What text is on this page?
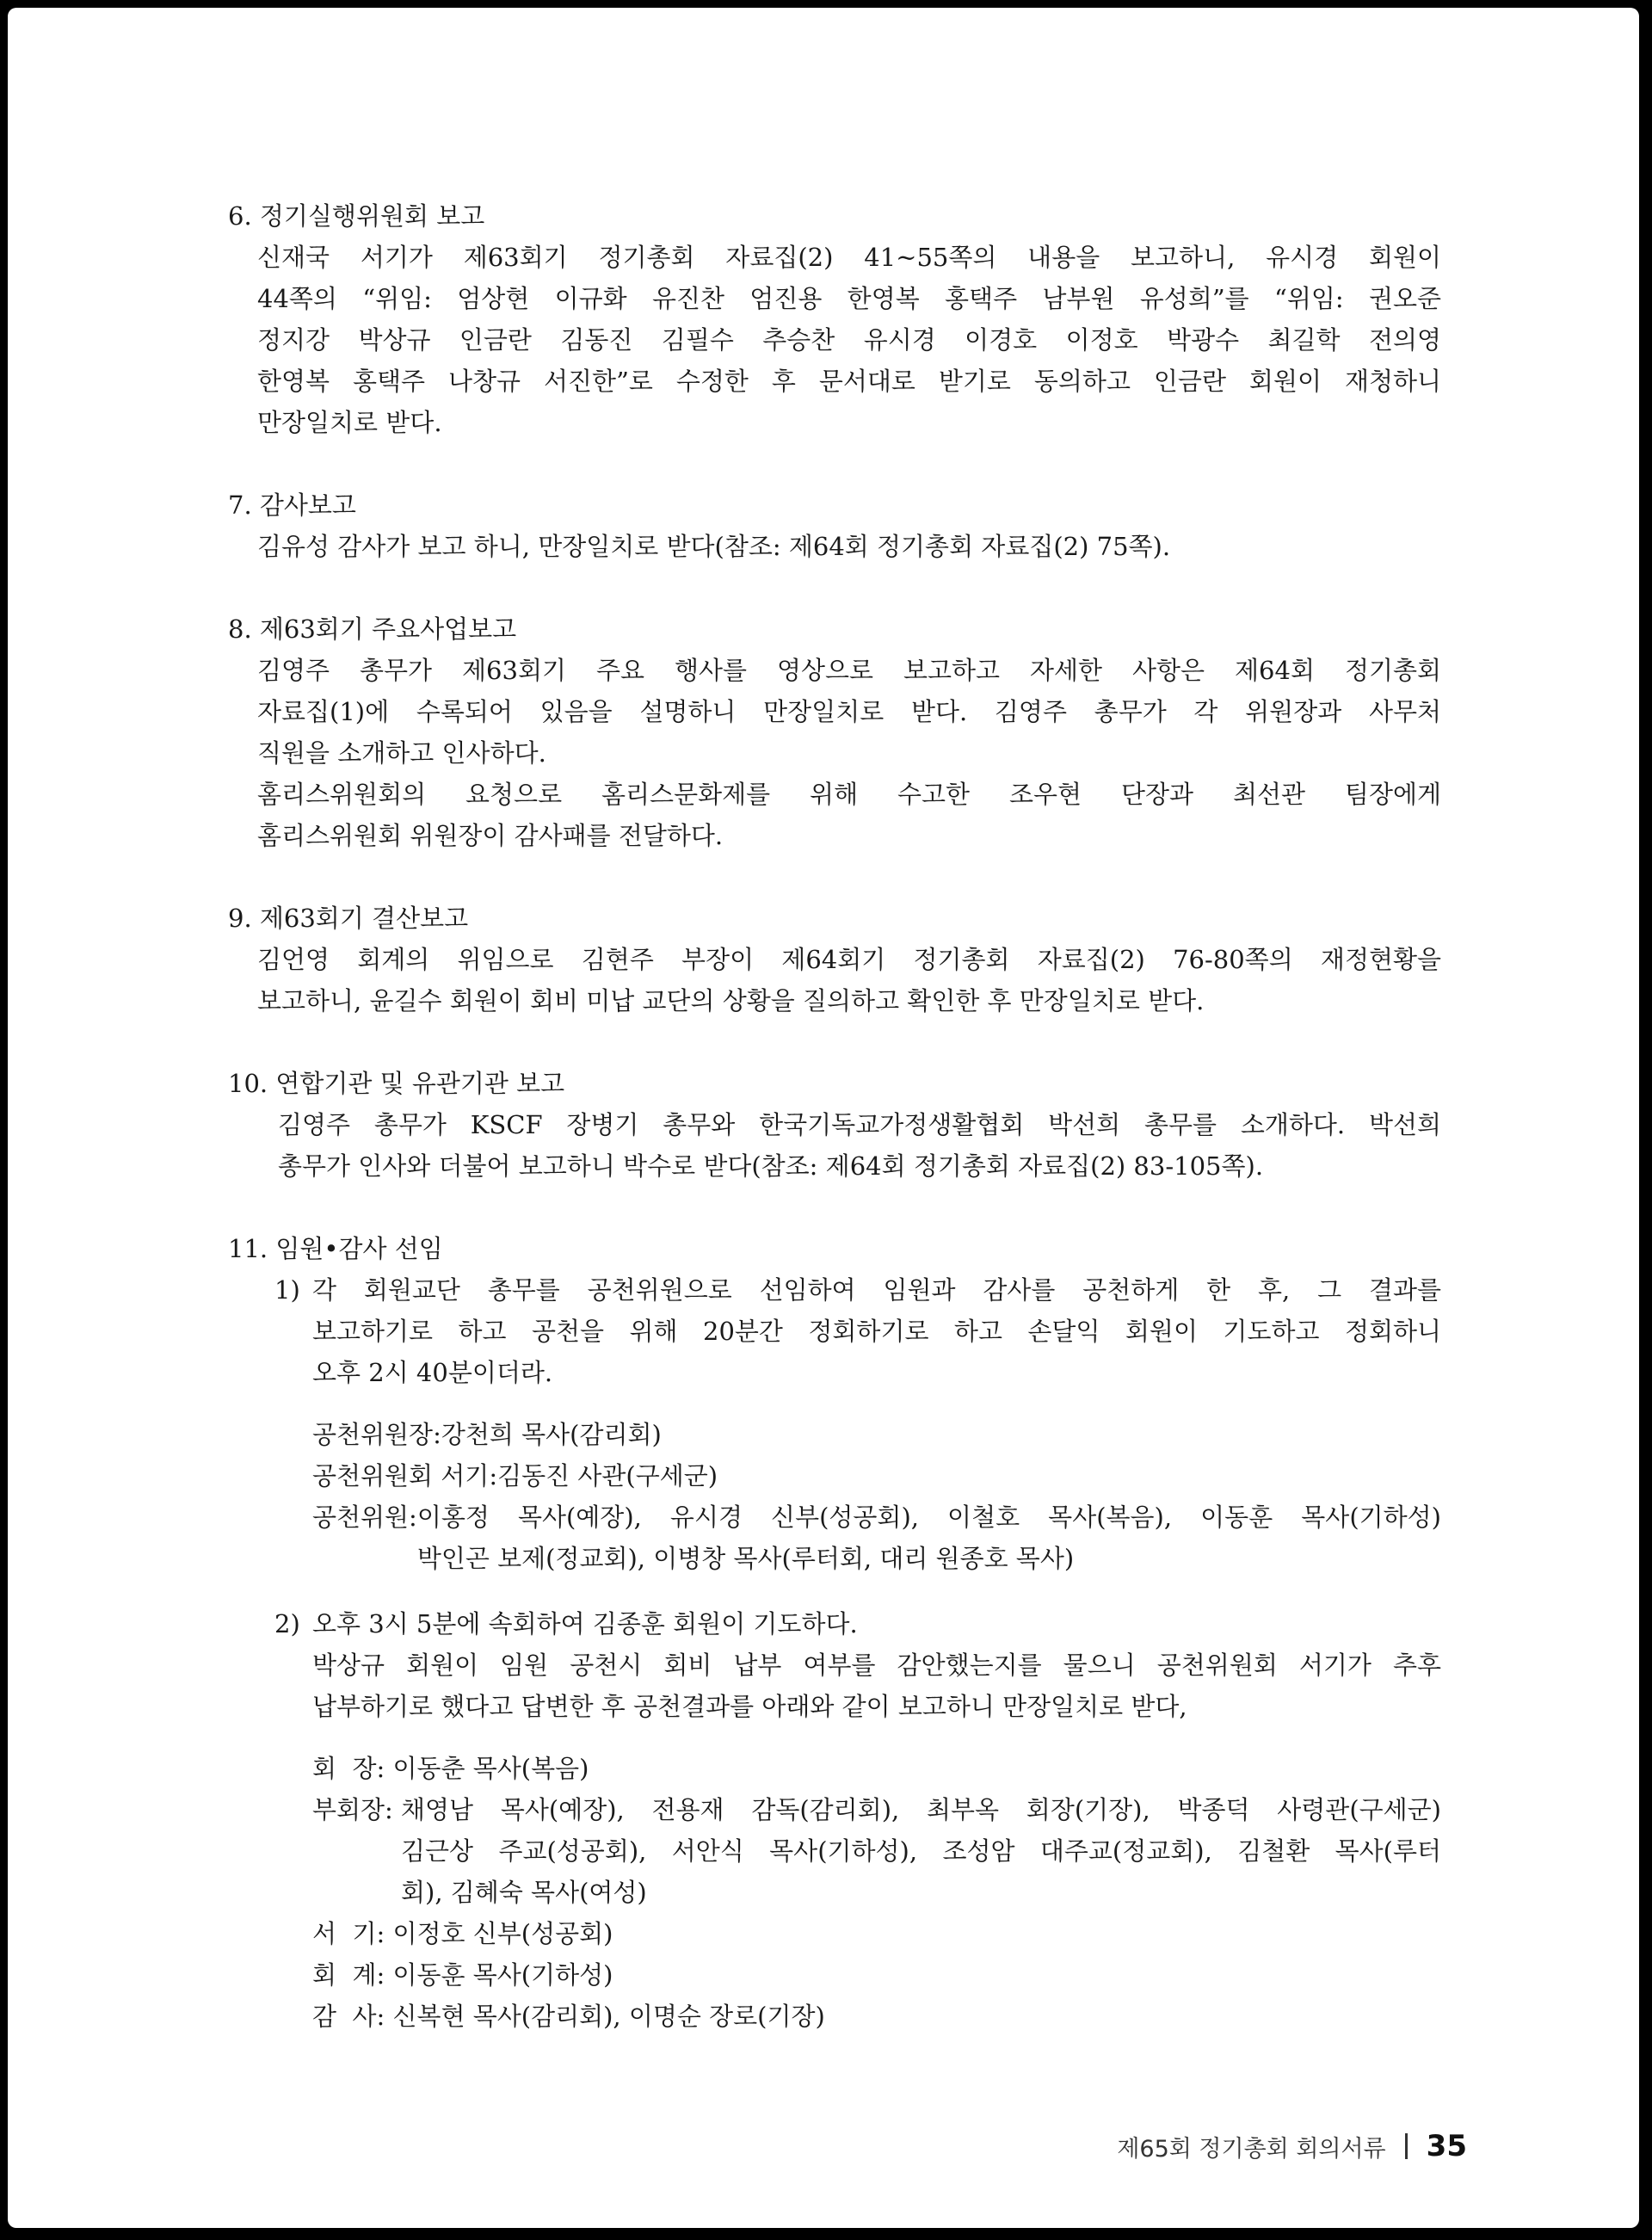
6. 정기실행위원회 보고

신재국 서기가 제63회기 정기총회 자료집(2) 41~55쪽의 내용을 보고하니, 유시경 회원이
44쪽의 “위임: 엄상현 이규화 유진찬 엄진용 한영복 홍택주 남부원 유성희”를 “위임: 권오준
정지강 박상규 인금란 김동진 김필수 추승찬 유시경 이경호 이정호 박광수 최길학 전의영
한영복 홍택주 나창규 서진한”로 수정한 후 문서대로 받기로 동의하고 인금란 회원이 재청하니
만장일치로 받다.

7. 감사보고

김유성 감사가 보고 하니, 만장일치로 받다(참조: 제64회 정기총회 자료집(2) 75쪽).

8. 제63회기 주요사업보고

김영주 총무가 제63회기 주요 행사를 영상으로 보고하고 자세한 사항은 제64회 정기총회
자료집(1)에 수록되어 있음을 설명하니 만장일치로 받다. 김영주 총무가 각 위원장과 사무처
직원을 소개하고 인사하다.
홈리스위원회의 요청으로 홈리스문화제를 위해 수고한 조우현 단장과 최선관 팀장에게
홈리스위원회 위원장이 감사패를 전달하다.

9. 제63회기 결산보고

김언영 회계의 위임으로 김현주 부장이 제64회기 정기총회 자료집(2) 76-80쪽의 재정현황을
보고하니, 윤길수 회원이 회비 미납 교단의 상황을 질의하고 확인한 후 만장일치로 받다.

10. 연합기관 및 유관기관 보고

김영주 총무가 KSCF 장병기 총무와 한국기독교가정생활협회 박선희 총무를 소개하다. 박선희
총무가 인사와 더불어 보고하니 박수로 받다(참조: 제64회 정기총회 자료집(2) 83-105쪽).

11. 임원•감사 선임

1) 각 회원교단 총무를 공천위원으로 선임하여 임원과 감사를 공천하게 한 후, 그 결과를
보고하기로 하고 공천을 위해 20분간 정회하기로 하고 손달익 회원이 기도하고 정회하니
오후 2시 40분이더라.
공천위원장: 강천희 목사(감리회)
공천위원회 서기: 김동진 사관(구세군)
공천위원: 이홍정 목사(예장), 유시경 신부(성공회), 이철호 목사(복음), 이동훈 목사(기하성)
박인곤 보제(정교회), 이병창 목사(루터회, 대리 원종호 목사)
2) 오후 3시 5분에 속회하여 김종훈 회원이 기도하다.
박상규 회원이 임원 공천시 회비 납부 여부를 감안했는지를 물으니 공천위원회 서기가 추후
납부하기로 했다고 답변한 후 공천결과를 아래와 같이 보고하니 만장일치로 받다,
회  장: 이동춘 목사(복음)
부회장: 채영남 목사(예장), 전용재 감독(감리회), 최부옥 회장(기장), 박종덕 사령관(구세군)
김근상 주교(성공회), 서안식 목사(기하성), 조성암 대주교(정교회), 김철환 목사(루터
회), 김혜숙 목사(여성)
서  기: 이정호 신부(성공회)
회  계: 이동훈 목사(기하성)
감  사: 신복현 목사(감리회), 이명순 장로(기장)
제65회 정기총회 회의서류 35
